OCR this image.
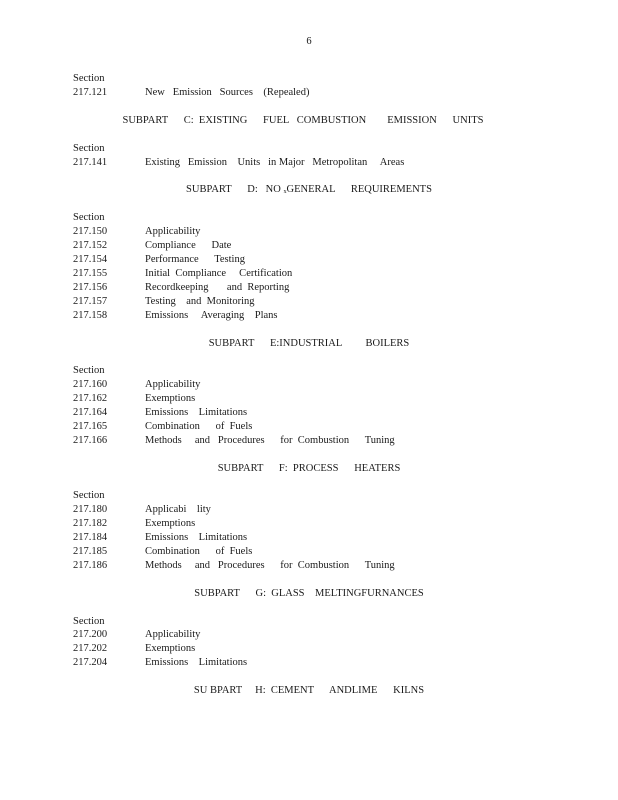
6
Section
217.121	New   Emission   Sources    (Repealed)
SUBPART      C:  EXISTING      FUEL   COMBUSTION        EMISSION      UNITS
Section
217.141	Existing   Emission    Units   in Major   Metropolitan     Areas
SUBPART      D:   NO ₓGENERAL      REQUIREMENTS
Section
217.150	Applicability
217.152	Compliance      Date
217.154	Performance      Testing
217.155	Initial  Compliance     Certification
217.156	Recordkeeping       and  Reporting
217.157	Testing    and  Monitoring
217.158	Emissions     Averaging    Plans
SUBPART      E:INDUSTRIAL         BOILERS
Section
217.160	Applicability
217.162	Exemptions
217.164	Emissions    Limitations
217.165	Combination      of  Fuels
217.166	Methods     and   Procedures      for  Combustion      Tuning
SUBPART      F:  PROCESS      HEATERS
Section
217.180	Applicabi    lity
217.182	Exemptions
217.184	Emissions    Limitations
217.185	Combination      of  Fuels
217.186	Methods     and   Procedures      for  Combustion      Tuning
SUBPART      G:  GLASS    MELTINGFURNANCES
Section
217.200	Applicability
217.202	Exemptions
217.204	Emissions    Limitations
SU BPART     H:  CEMENT      ANDLIME      KILNS
